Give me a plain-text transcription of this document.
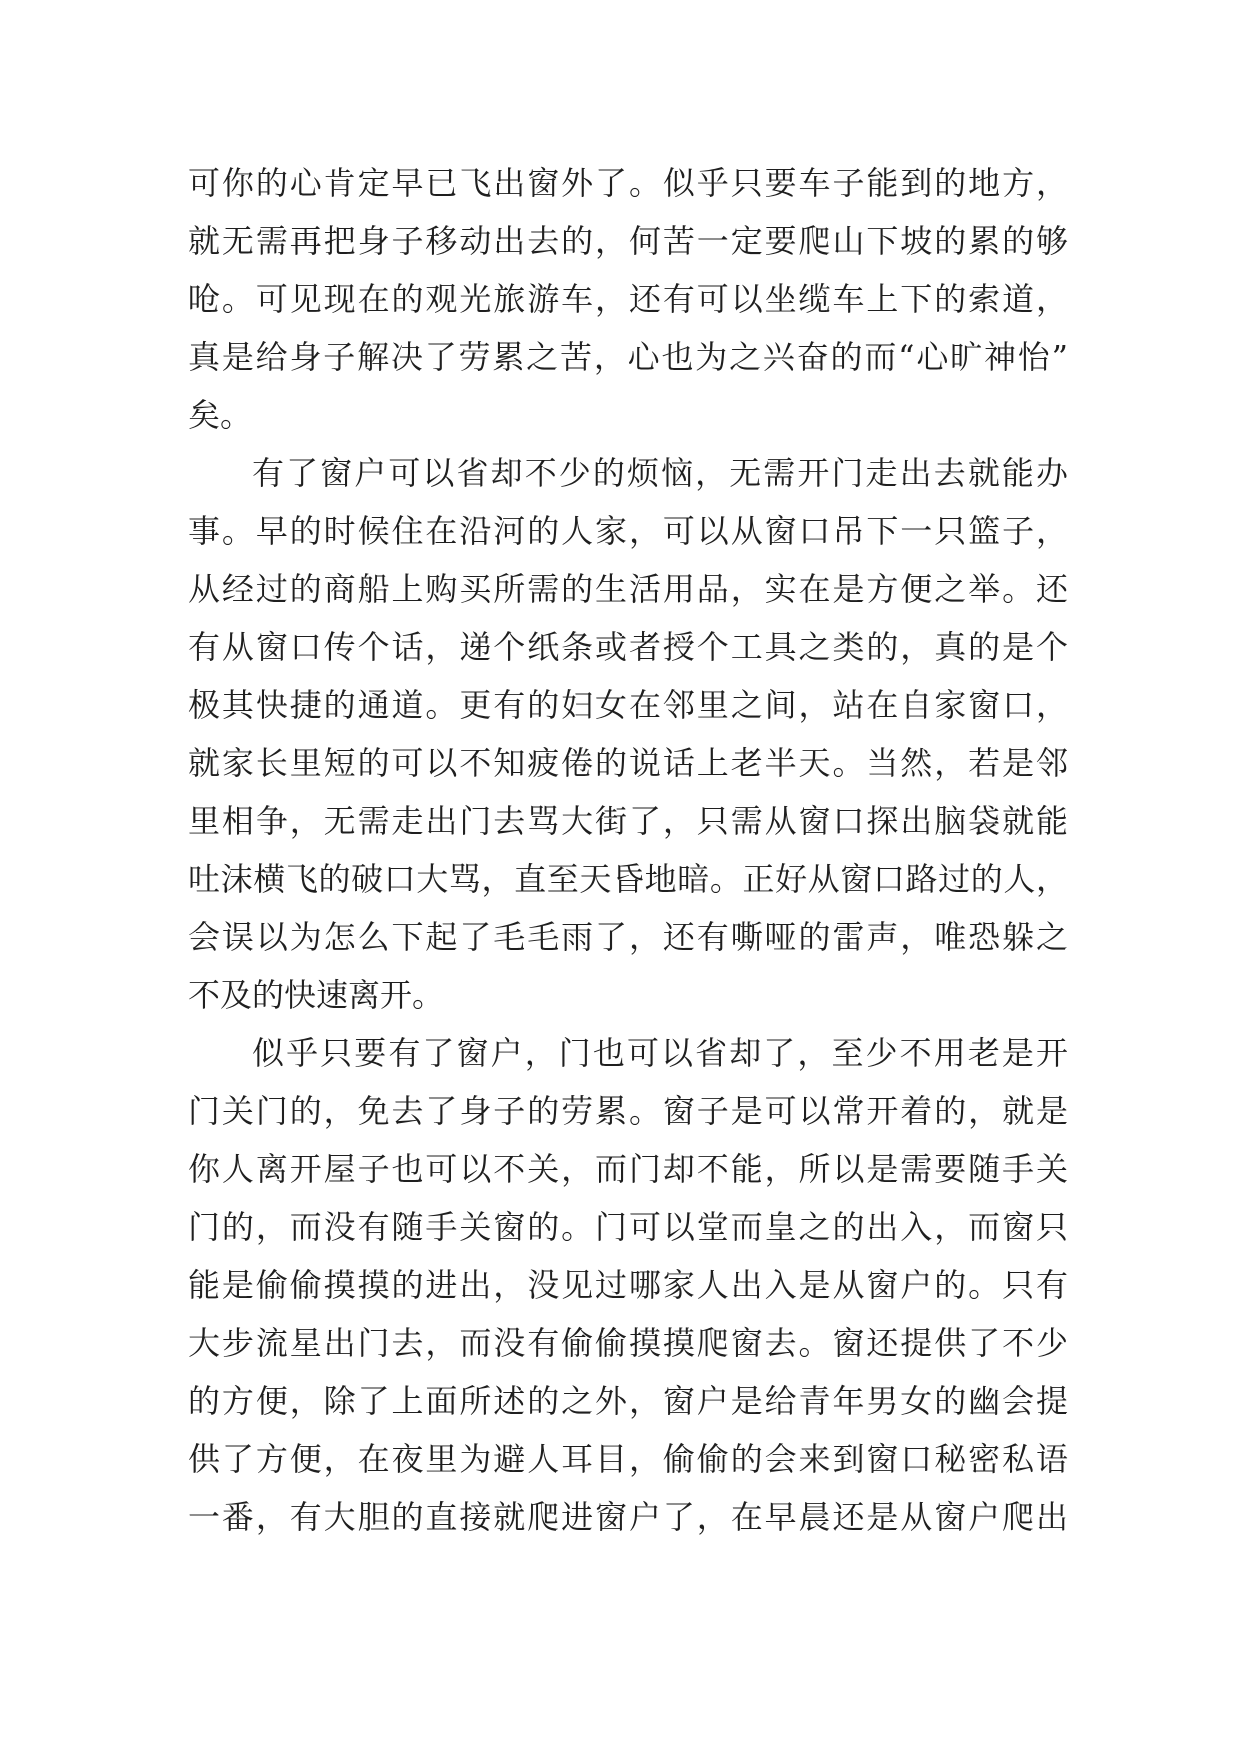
可你的心肯定早已飞出窗外了。似乎只要车子能到的地方，
就无需再把身子移动出去的，何苦一定要爬山下坡的累的够
呛。可见现在的观光旅游车，还有可以坐缆车上下的索道，
真是给身子解决了劳累之苦，心也为之兴奋的而“心旷神怡”
矣。
有了窗户可以省却不少的烦恼，无需开门走出去就能办
事。早的时候住在沿河的人家，可以从窗口吊下一只篮子，
从经过的商船上购买所需的生活用品，实在是方便之举。还
有从窗口传个话，递个纸条或者授个工具之类的，真的是个
极其快捷的通道。更有的妇女在邻里之间，站在自家窗口，
就家长里短的可以不知疲倦的说话上老半天。当然，若是邻
里相争，无需走出门去骂大街了，只需从窗口探出脑袋就能
吐沫横飞的破口大骂，直至天昏地暗。正好从窗口路过的人，
会误以为怎么下起了毛毛雨了，还有嘶哑的雷声，唯恐躲之
不及的快速离开。
似乎只要有了窗户，门也可以省却了，至少不用老是开
门关门的，免去了身子的劳累。窗子是可以常开着的，就是
你人离开屋子也可以不关，而门却不能，所以是需要随手关
门的，而没有随手关窗的。门可以堂而皇之的出入，而窗只
能是偷偷摸摸的进出，没见过哪家人出入是从窗户的。只有
大步流星出门去，而没有偷偷摸摸爬窗去。窗还提供了不少
的方便，除了上面所述的之外，窗户是给青年男女的幽会提
供了方便，在夜里为避人耳目，偷偷的会来到窗口秘密私语
一番，有大胆的直接就爬进窗户了，在早晨还是从窗户爬出
